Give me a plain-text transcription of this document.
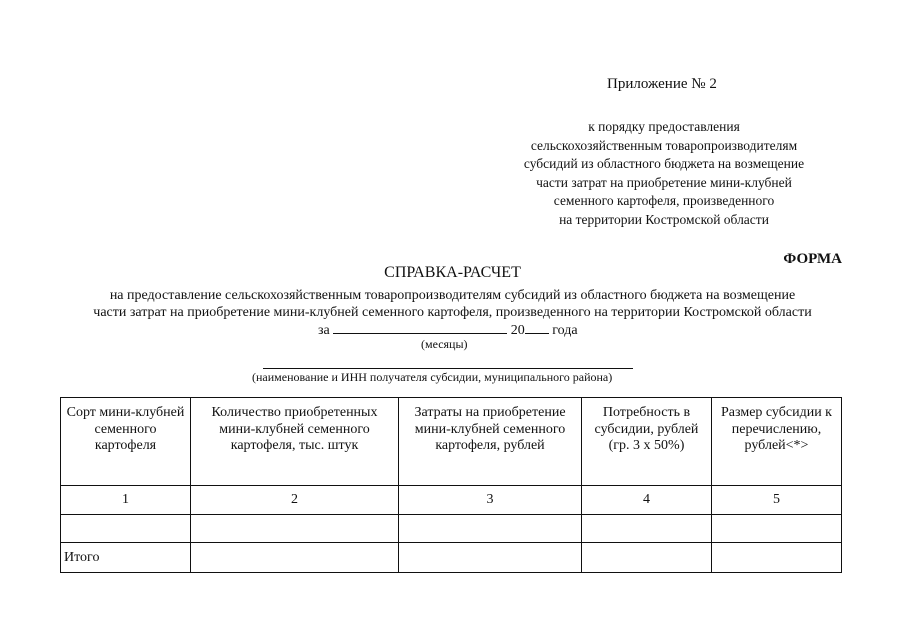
Приложение № 2
к порядку предоставления
сельскохозяйственным товаропроизводителям
субсидий из областного бюджета на возмещение
части затрат на приобретение мини-клубней
семенного картофеля, произведенного
на территории Костромской области
ФОРМА
СПРАВКА-РАСЧЕТ
на предоставление сельскохозяйственным товаропроизводителям субсидий из областного бюджета на возмещение
части затрат на приобретение мини-клубней семенного картофеля, произведенного на территории Костромской области
за	20 года
(месяцы)
(наименование и ИНН получателя субсидии, муниципального района)
Сорт мини-клубней семенного картофеля	Количество приобретенных мини-клубней семенного картофеля, тыс. штук	Затраты на приобретение мини-клубней семенного картофеля, рублей	Потребность в субсидии, рублей (гр. 3 х 50%)	Размер субсидии к перечислению, рублей<*>
1	2	3	4	5

Итого				
